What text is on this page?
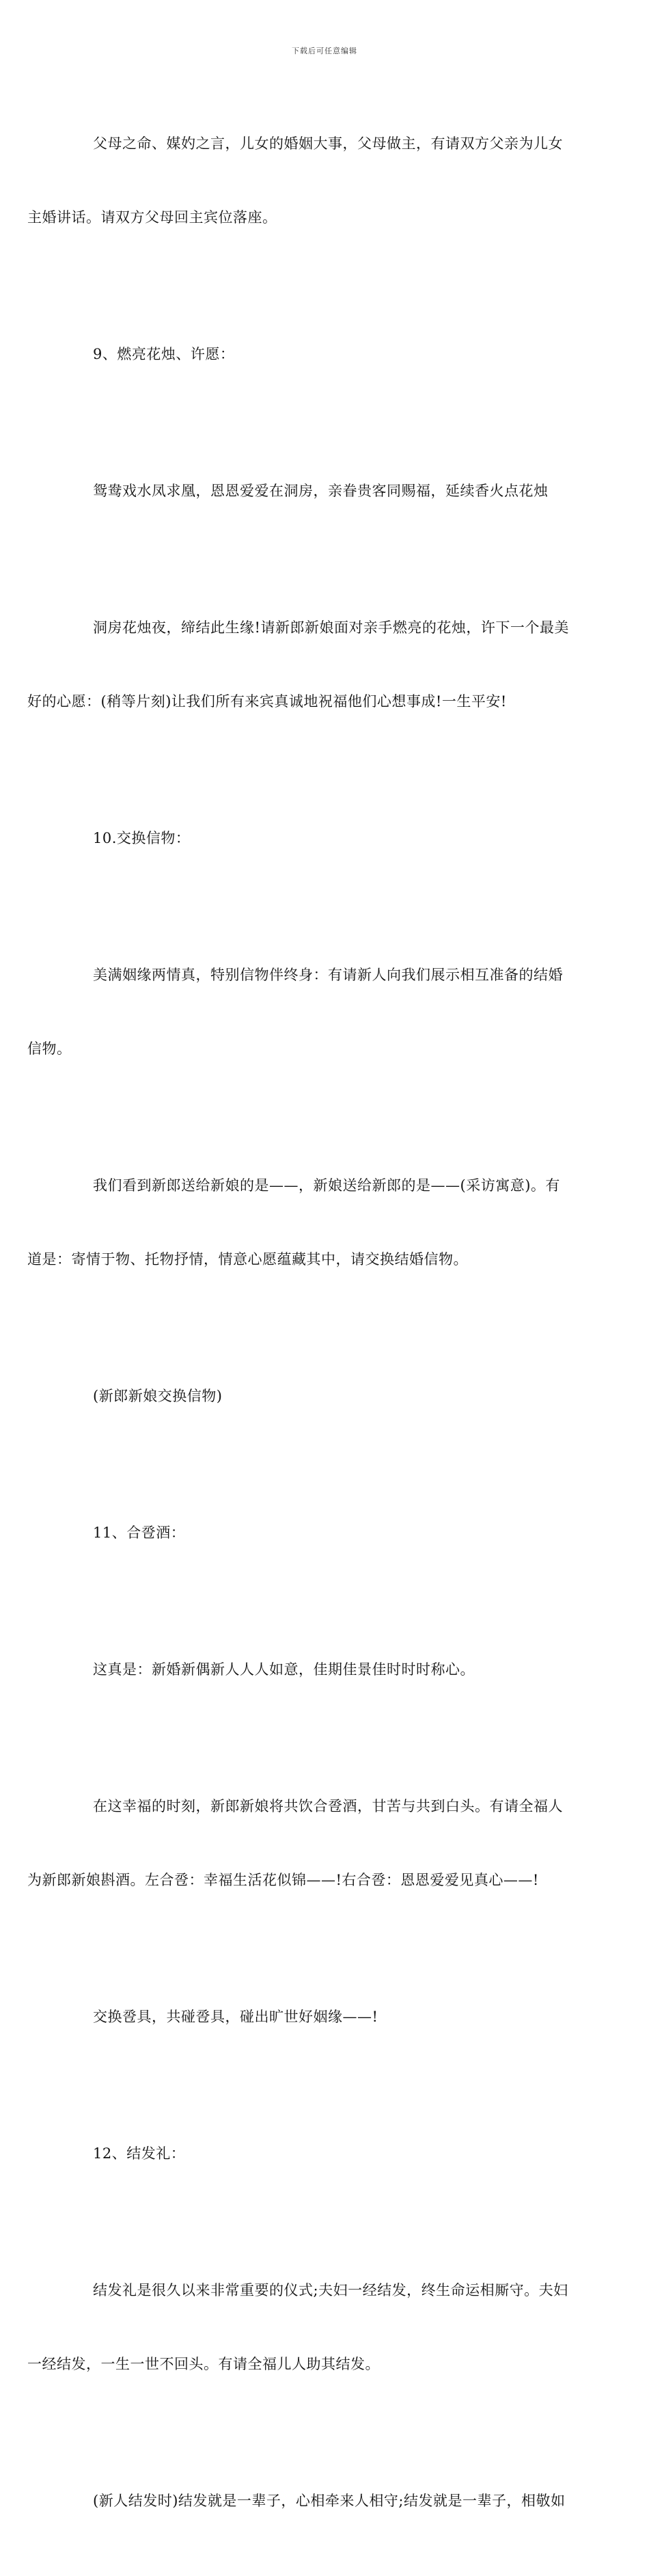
下载后可任意编辑

父母之命、媒妁之言，儿女的婚姻大事，父母做主，有请双方父亲为儿女

主婚讲话。请双方父母回主宾位落座。

9、燃亮花烛、许愿：

鸳鸯戏水凤求凰，恩恩爱爱在洞房，亲眷贵客同赐福，延续香火点花烛

洞房花烛夜，缔结此生缘!请新郎新娘面对亲手燃亮的花烛，许下一个最美

好的心愿：(稍等片刻)让我们所有来宾真诚地祝福他们心想事成!一生平安!

10.交换信物：

美满姻缘两情真，特别信物伴终身：有请新人向我们展示相互准备的结婚

信物。

我们看到新郎送给新娘的是——，新娘送给新郎的是——(采访寓意)。有

道是：寄情于物、托物抒情，情意心愿蕴藏其中，请交换结婚信物。

(新郎新娘交换信物)

11、合卺酒：

这真是：新婚新偶新人人人如意，佳期佳景佳时时时称心。

在这幸福的时刻，新郎新娘将共饮合卺酒，甘苦与共到白头。有请全福人

为新郎新娘斟酒。左合卺：幸福生活花似锦——!右合卺：恩恩爱爱见真心——!

交换卺具，共碰卺具，碰出旷世好姻缘——!

12、结发礼：

结发礼是很久以来非常重要的仪式;夫妇一经结发，终生命运相厮守。夫妇

一经结发，一生一世不回头。有请全福儿人助其结发。

(新人结发时)结发就是一辈子，心相牵来人相守;结发就是一辈子，相敬如
